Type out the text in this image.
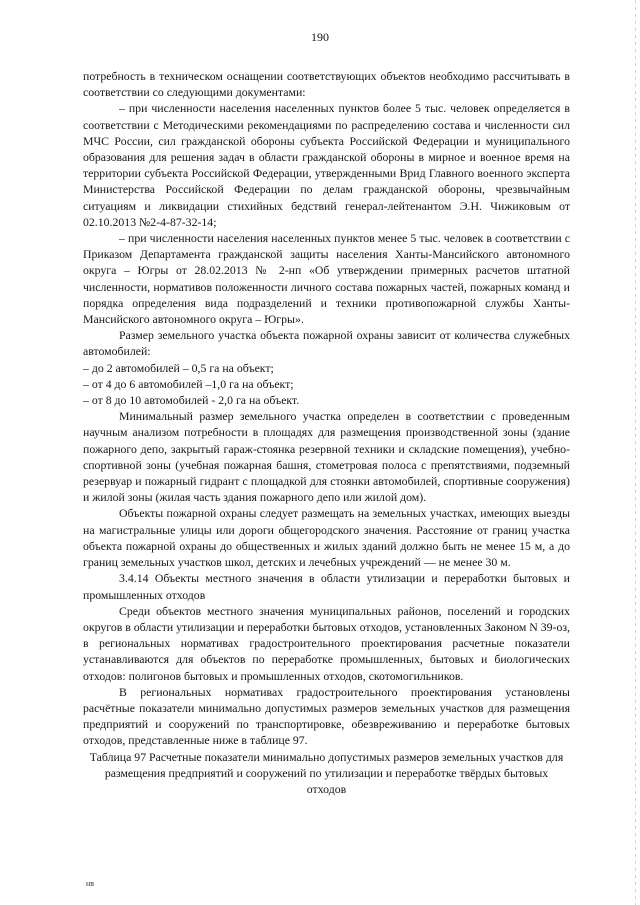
190

потребность в техническом оснащении соответствующих объектов необходимо рассчитывать в соответствии со следующими документами:

– при численности населения населенных пунктов более 5 тыс. человек определяется в соответствии с Методическими рекомендациями по распределению состава и численности сил МЧС России, сил гражданской обороны субъекта Российской Федерации и муниципального образования для решения задач в области гражданской обороны в мирное и военное время на территории субъекта Российской Федерации, утвержденными Врид Главного военного эксперта Министерства Российской Федерации по делам гражданской обороны, чрезвычайным ситуациям и ликвидации стихийных бедствий генерал-лейтенантом Э.Н. Чижиковым от 02.10.2013 №2-4-87-32-14;

– при численности населения населенных пунктов менее 5 тыс. человек в соответствии с Приказом Департамента гражданской защиты населения Ханты-Мансийского автономного округа – Югры от 28.02.2013 № 2-нп «Об утверждении примерных расчетов штатной численности, нормативов положенности личного состава пожарных частей, пожарных команд и порядка определения вида подразделений и техники противопожарной службы Ханты-Мансийского автономного округа – Югры».

Размер земельного участка объекта пожарной охраны зависит от количества служебных автомобилей:

– до 2 автомобилей – 0,5 га на объект;

– от 4 до 6 автомобилей –1,0 га на объект;

– от 8 до 10 автомобилей - 2,0 га на объект.

Минимальный размер земельного участка определен в соответствии с проведенным научным анализом потребности в площадях для размещения производственной зоны (здание пожарного депо, закрытый гараж-стоянка резервной техники и складские помещения), учебно-спортивной зоны (учебная пожарная башня, стометровая полоса с препятствиями, подземный резервуар и пожарный гидрант с площадкой для стоянки автомобилей, спортивные сооружения) и жилой зоны (жилая часть здания пожарного депо или жилой дом).

Объекты пожарной охраны следует размещать на земельных участках, имеющих выезды на магистральные улицы или дороги общегородского значения. Расстояние от границ участка объекта пожарной охраны до общественных и жилых зданий должно быть не менее 15 м, а до границ земельных участков школ, детских и лечебных учреждений — не менее 30 м.

3.4.14 Объекты местного значения в области утилизации и переработки бытовых и промышленных отходов

Среди объектов местного значения муниципальных районов, поселений и городских округов в области утилизации и переработки бытовых отходов, установленных Законом N 39-оз, в региональных нормативах градостроительного проектирования расчетные показатели устанавливаются для объектов по переработке промышленных, бытовых и биологических отходов: полигонов бытовых и промышленных отходов, скотомогильников.

В региональных нормативах градостроительного проектирования установлены расчётные показатели минимально допустимых размеров земельных участков для размещения предприятий и сооружений по транспортировке, обезвреживанию и переработке бытовых отходов, представленные ниже в таблице 97.

Таблица 97 Расчетные показатели минимально допустимых размеров земельных участков для размещения предприятий и сооружений по утилизации и переработке твёрдых бытовых отходов

нв
